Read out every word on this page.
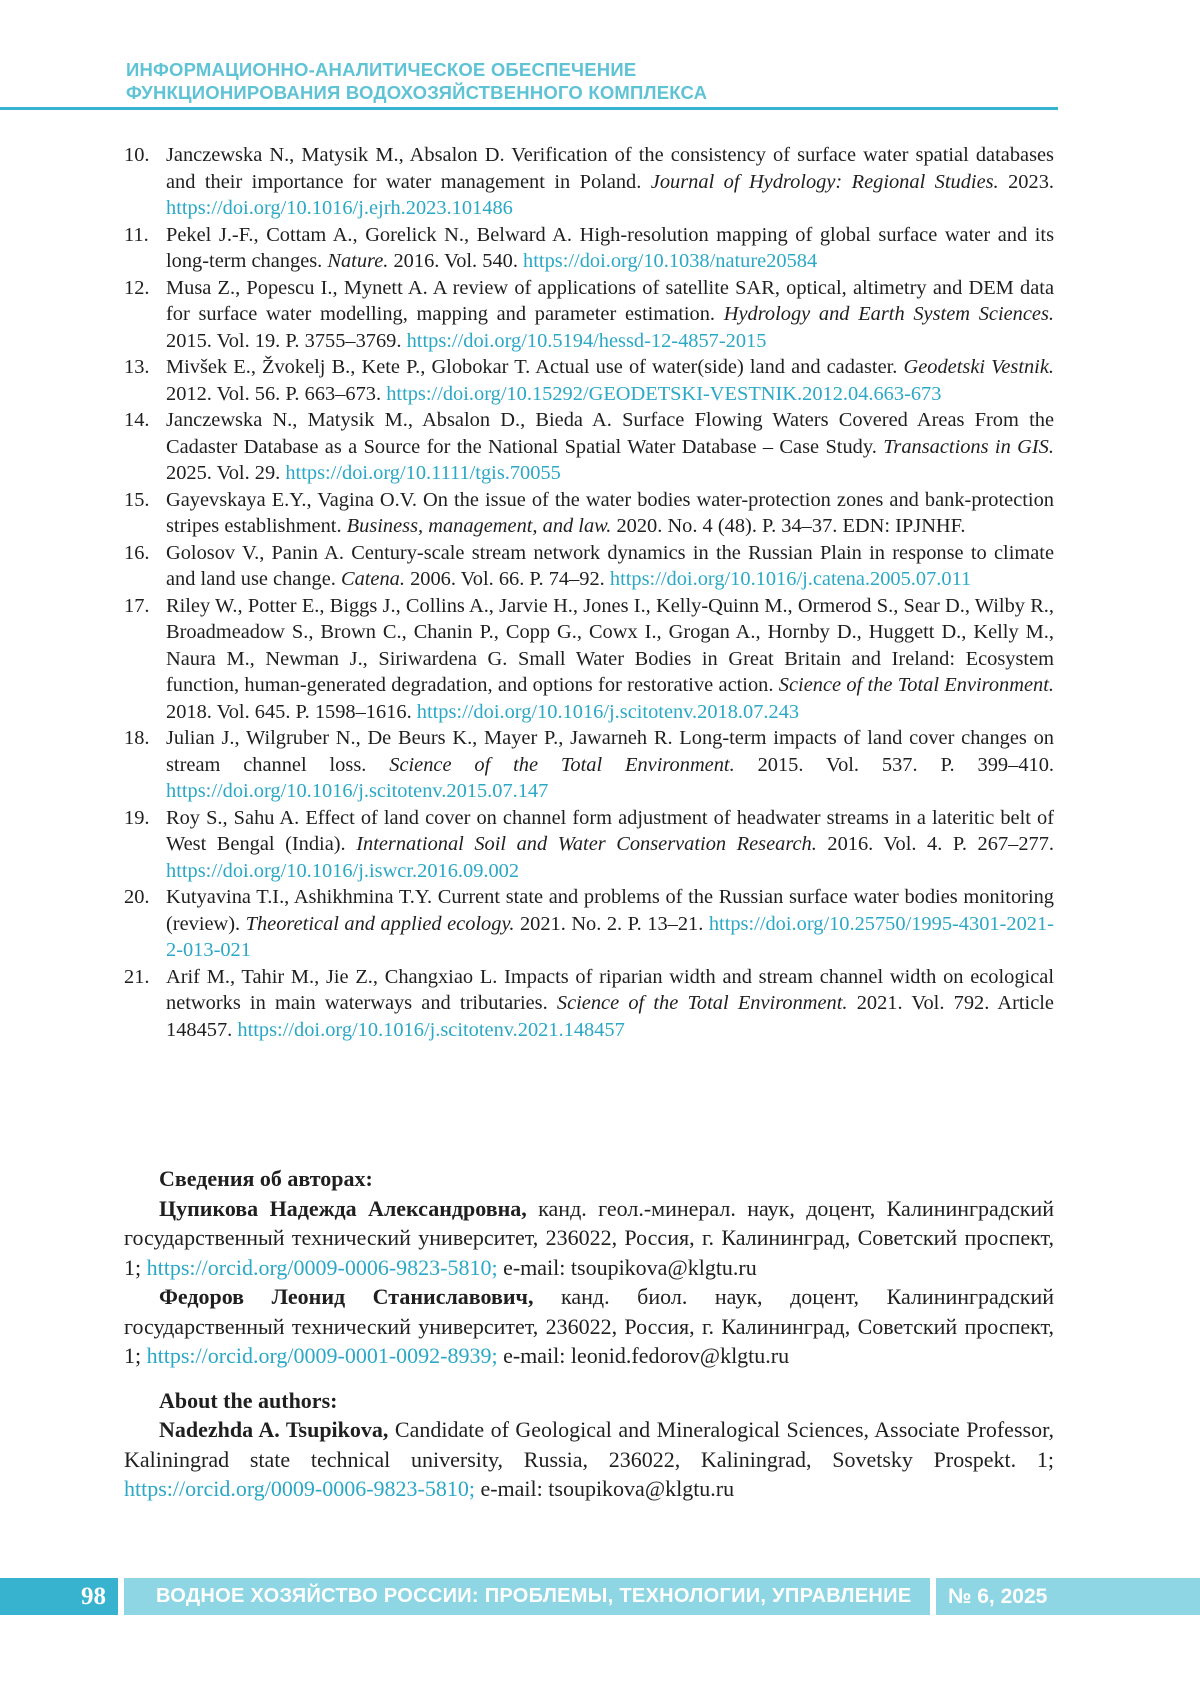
ИНФОРМАЦИОННО-АНАЛИТИЧЕСКОЕ ОБЕСПЕЧЕНИЕ
ФУНКЦИОНИРОВАНИЯ ВОДОХОЗЯЙСТВЕННОГО КОМПЛЕКСА
10. Janczewska N., Matysik M., Absalon D. Verification of the consistency of surface water spatial databases and their importance for water management in Poland. Journal of Hydrology: Regional Studies. 2023. https://doi.org/10.1016/j.ejrh.2023.101486
11. Pekel J.-F., Cottam A., Gorelick N., Belward A. High-resolution mapping of global surface water and its long-term changes. Nature. 2016. Vol. 540. https://doi.org/10.1038/nature20584
12. Musa Z., Popescu I., Mynett A. A review of applications of satellite SAR, optical, altimetry and DEM data for surface water modelling, mapping and parameter estimation. Hydrology and Earth System Sciences. 2015. Vol. 19. P. 3755–3769. https://doi.org/10.5194/hessd-12-4857-2015
13. Mivšek E., Žvokelj B., Kete P., Globokar T. Actual use of water(side) land and cadaster. Geodetski Vestnik. 2012. Vol. 56. P. 663–673. https://doi.org/10.15292/GEODETSKI-VESTNIK.2012.04.663-673
14. Janczewska N., Matysik M., Absalon D., Bieda A. Surface Flowing Waters Covered Areas From the Cadaster Database as a Source for the National Spatial Water Database – Case Study. Transactions in GIS. 2025. Vol. 29. https://doi.org/10.1111/tgis.70055
15. Gayevskaya E.Y., Vagina O.V. On the issue of the water bodies water-protection zones and bank-protection stripes establishment. Business, management, and law. 2020. No. 4 (48). P. 34–37. EDN: IPJNHF.
16. Golosov V., Panin A. Century-scale stream network dynamics in the Russian Plain in response to climate and land use change. Catena. 2006. Vol. 66. P. 74–92. https://doi.org/10.1016/j.catena.2005.07.011
17. Riley W., Potter E., Biggs J., Collins A., Jarvie H., Jones I., Kelly-Quinn M., Ormerod S., Sear D., Wilby R., Broadmeadow S., Brown C., Chanin P., Copp G., Cowx I., Grogan A., Hornby D., Huggett D., Kelly M., Naura M., Newman J., Siriwardena G. Small Water Bodies in Great Britain and Ireland: Ecosystem function, human-generated degradation, and options for restorative action. Science of the Total Environment. 2018. Vol. 645. P. 1598–1616. https://doi.org/10.1016/j.scitotenv.2018.07.243
18. Julian J., Wilgruber N., De Beurs K., Mayer P., Jawarneh R. Long-term impacts of land cover changes on stream channel loss. Science of the Total Environment. 2015. Vol. 537. P. 399–410. https://doi.org/10.1016/j.scitotenv.2015.07.147
19. Roy S., Sahu A. Effect of land cover on channel form adjustment of headwater streams in a lateritic belt of West Bengal (India). International Soil and Water Conservation Research. 2016. Vol. 4. P. 267–277. https://doi.org/10.1016/j.iswcr.2016.09.002
20. Kutyavina T.I., Ashikhmina T.Y. Current state and problems of the Russian surface water bodies monitoring (review). Theoretical and applied ecology. 2021. No. 2. P. 13–21. https://doi.org/10.25750/1995-4301-2021-2-013-021
21. Arif M., Tahir M., Jie Z., Changxiao L. Impacts of riparian width and stream channel width on ecological networks in main waterways and tributaries. Science of the Total Environment. 2021. Vol. 792. Article 148457. https://doi.org/10.1016/j.scitotenv.2021.148457

Сведения об авторах:

Цупикова Надежда Александровна, канд. геол.-минерал. наук, доцент, Калининградский государственный технический университет, 236022, Россия, г. Калининград, Советский проспект, 1; https://orcid.org/0009-0006-9823-5810; e-mail: tsoupikova@klgtu.ru

Федоров Леонид Станиславович, канд. биол. наук, доцент, Калининградский государственный технический университет, 236022, Россия, г. Калининград, Советский проспект, 1; https://orcid.org/0009-0001-0092-8939; e-mail: leonid.fedorov@klgtu.ru

About the authors:

Nadezhda A. Tsupikova, Candidate of Geological and Mineralogical Sciences, Associate Professor, Kaliningrad state technical university, Russia, 236022, Kaliningrad, Sovetsky Prospekt. 1; https://orcid.org/0009-0006-9823-5810; e-mail: tsoupikova@klgtu.ru

98	ВОДНОЕ ХОЗЯЙСТВО РОССИИ: ПРОБЛЕМЫ, ТЕХНОЛОГИИ, УПРАВЛЕНИЕ	№ 6, 2025
